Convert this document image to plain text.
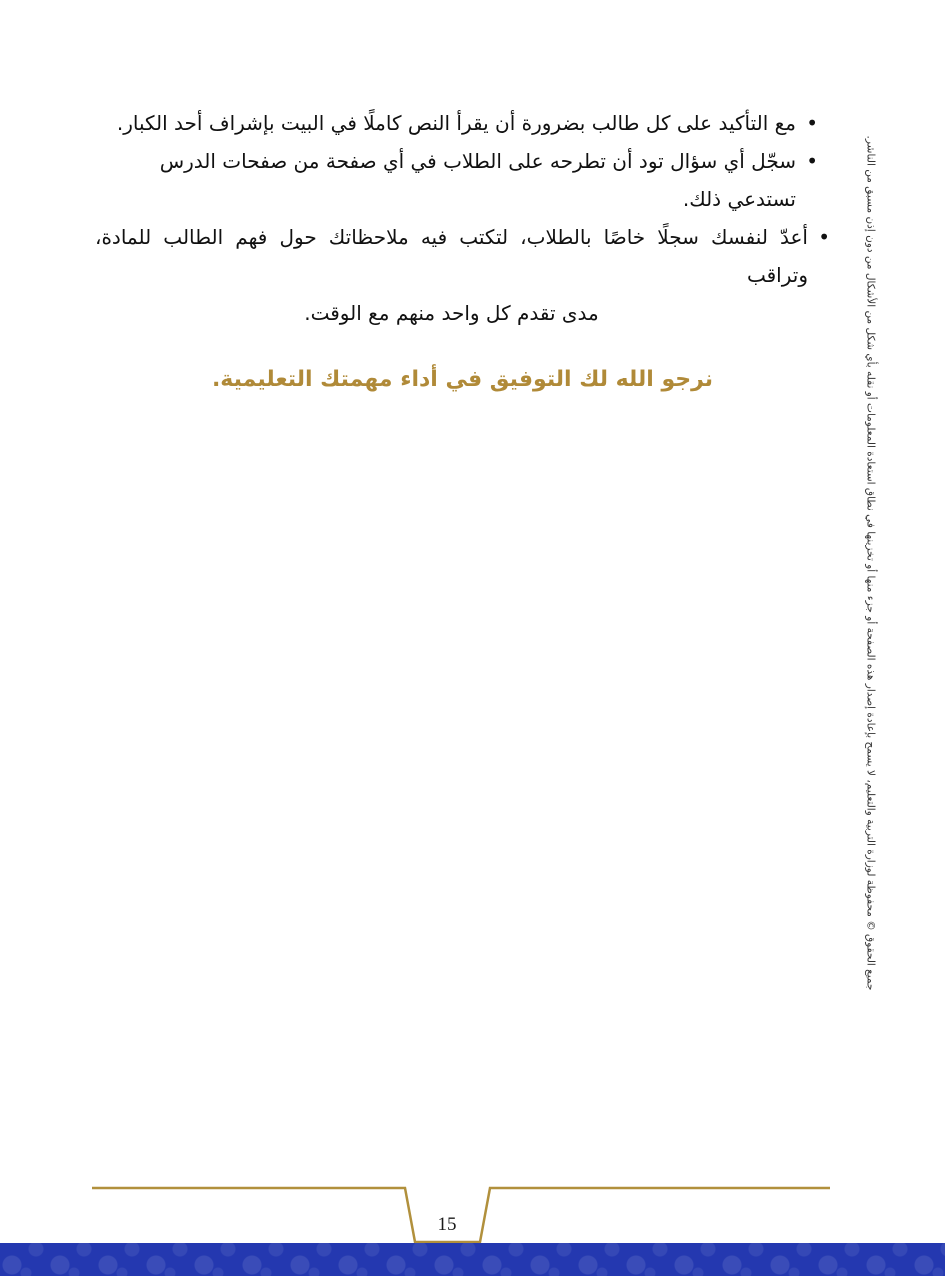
•
مع التأكيد على كل طالب بضرورة أن يقرأ النص كاملًا في البيت بإشراف أحد الكبار.
•
سجّل أي سؤال تود أن تطرحه على الطلاب في أي صفحة من صفحات الدرس تستدعي ذلك.
•
أعدّ لنفسك سجلًا خاصًا بالطلاب، لتكتب فيه ملاحظاتك حول فهم الطالب للمادة، وتراقب
مدى تقدم كل واحد منهم مع الوقت.
نرجو الله لك التوفيق في أداء مهمتك التعليمية.	جميع الحقوق © محفوظة لوزارة التربية والتعليم، لا يسمح بإعادة إصدار هذه الصفحة أو جزء منها أو تخزينها في نطاق استعادة المعلومات أو نقله بأي شكل من الأشكال من دون إذن مسبق من الناشر.
15
